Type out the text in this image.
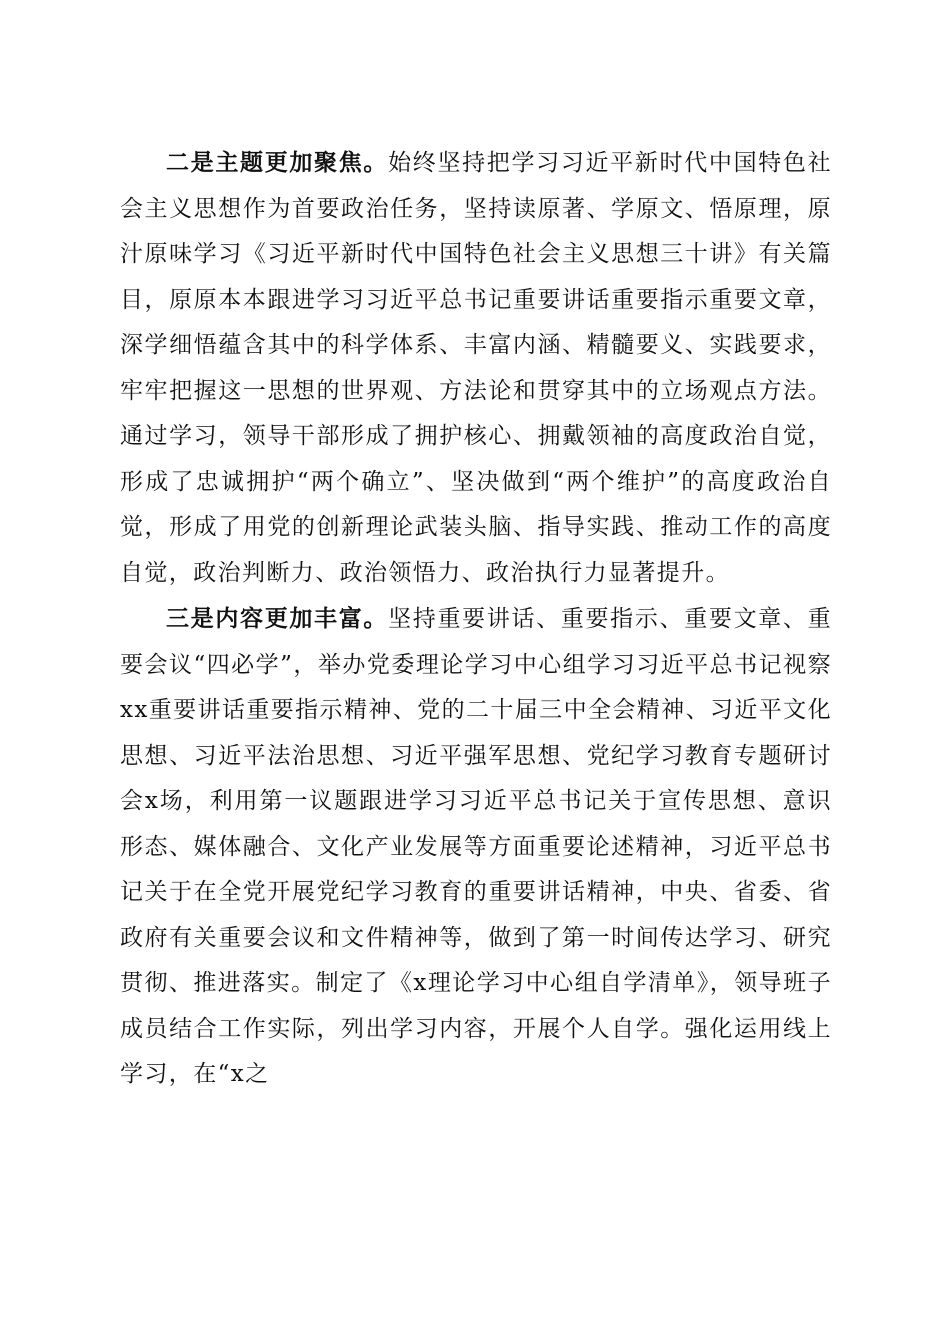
二是主题更加聚焦。始终坚持把学习习近平新时代中国特色社会主义思想作为首要政治任务，坚持读原著、学原文、悟原理，原汁原味学习《习近平新时代中国特色社会主义思想三十讲》有关篇目，原原本本跟进学习习近平总书记重要讲话重要指示重要文章，深学细悟蕴含其中的科学体系、丰富内涵、精髓要义、实践要求，牢牢把握这一思想的世界观、方法论和贯穿其中的立场观点方法。通过学习，领导干部形成了拥护核心、拥戴领袖的高度政治自觉，形成了忠诚拥护“两个确立”、坚决做到“两个维护”的高度政治自觉，形成了用党的创新理论武装头脑、指导实践、推动工作的高度自觉，政治判断力、政治领悟力、政治执行力显著提升。

三是内容更加丰富。坚持重要讲话、重要指示、重要文章、重要会议“四必学”，举办党委理论学习中心组学习习近平总书记视察xx重要讲话重要指示精神、党的二十届三中全会精神、习近平文化思想、习近平法治思想、习近平强军思想、党纪学习教育专题研讨会x场，利用第一议题跟进学习习近平总书记关于宣传思想、意识形态、媒体融合、文化产业发展等方面重要论述精神，习近平总书记关于在全党开展党纪学习教育的重要讲话精神，中央、省委、省政府有关重要会议和文件精神等，做到了第一时间传达学习、研究贯彻、推进落实。制定了《x理论学习中心组自学清单》，领导班子成员结合工作实际，列出学习内容，开展个人自学。强化运用线上学习，在“x之
